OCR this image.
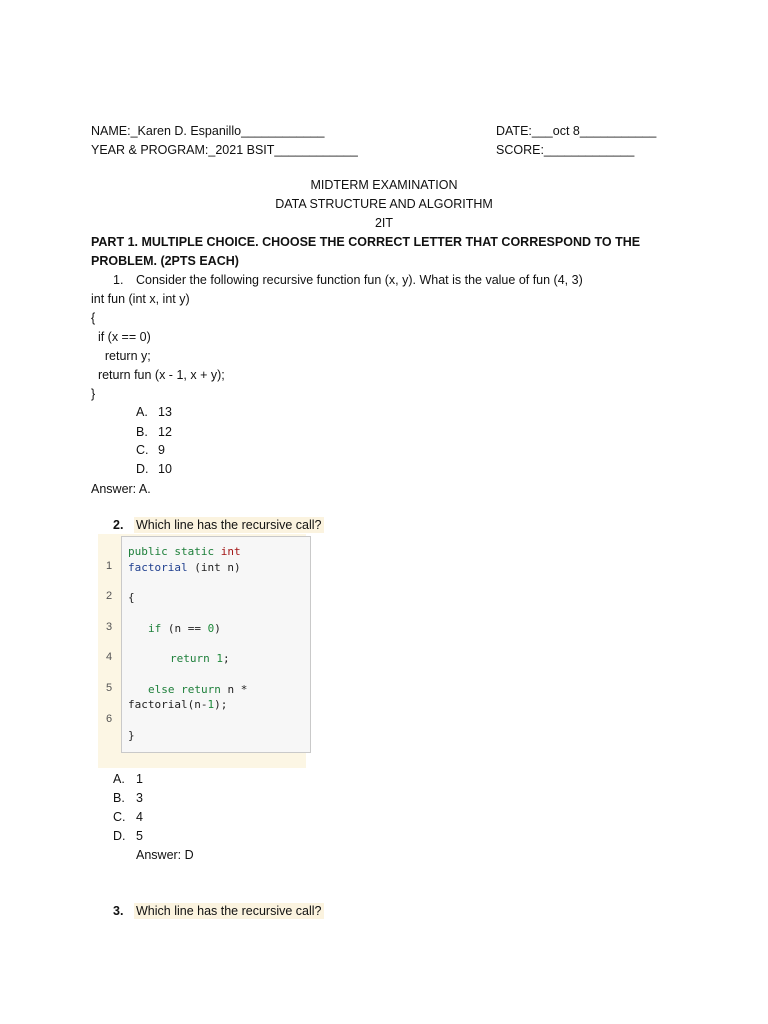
NAME:_Karen D. Espanillo____________	DATE:___oct 8___________
YEAR & PROGRAM:_2021 BSIT____________	SCORE:_____________
MIDTERM EXAMINATION
DATA STRUCTURE AND ALGORITHM
2IT
PART 1. MULTIPLE CHOICE. CHOOSE THE CORRECT LETTER THAT CORRESPOND TO THE
PROBLEM. (2PTS EACH)
1. Consider the following recursive function fun (x, y). What is the value of fun (4, 3)
int fun (int x, int y)
{
if (x == 0)
return y;
return fun (x - 1, x + y);
}
A. 13
B. 12
C. 9
D. 10
Answer: A.
2. Which line has the recursive call?
1
2
3
4
5
6
public static int
factorial (int n)
{
if (n == 0)
return 1;
else return n *
factorial(n-1);
}
A. 1
B. 3
C. 4
D. 5
Answer: D
3. Which line has the recursive call?
